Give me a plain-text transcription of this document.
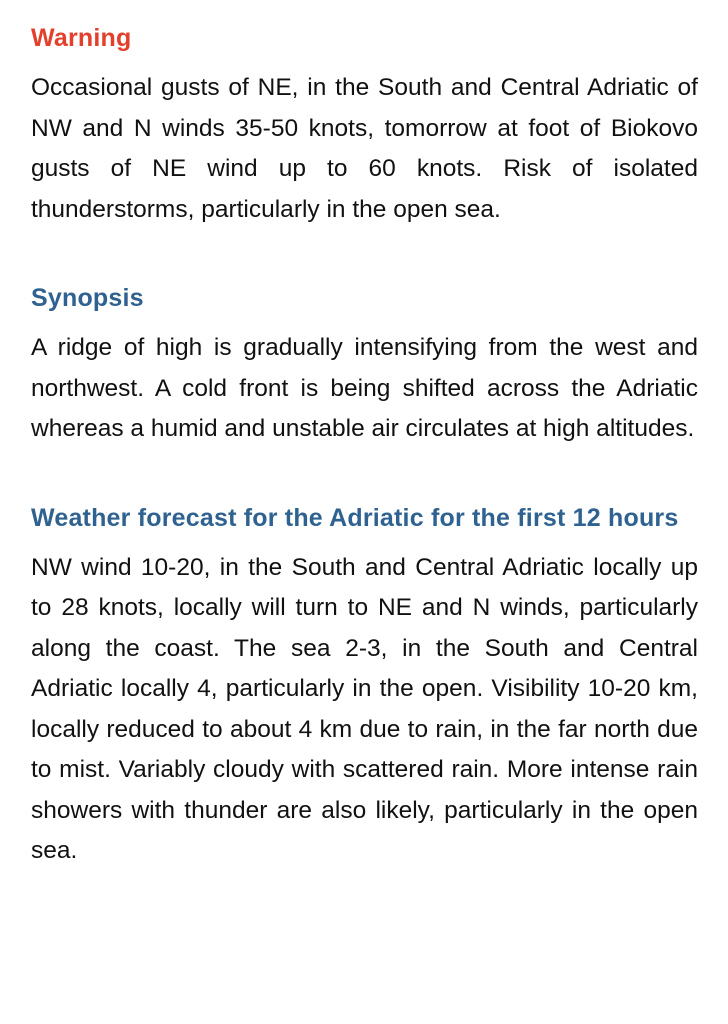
Warning

Occasional gusts of NE, in the South and Central Adriatic of NW and N winds 35-50 knots, tomorrow at foot of Biokovo gusts of NE wind up to 60 knots. Risk of isolated thunderstorms, particularly in the open sea.

Synopsis

A ridge of high is gradually intensifying from the west and northwest. A cold front is being shifted across the Adriatic whereas a humid and unstable air circulates at high altitudes.

Weather forecast for the Adriatic for the first 12 hours

NW wind 10-20, in the South and Central Adriatic locally up to 28 knots, locally will turn to NE and N winds, particularly along the coast. The sea 2-3, in the South and Central Adriatic locally 4, particularly in the open. Visibility 10-20 km, locally reduced to about 4 km due to rain, in the far north due to mist. Variably cloudy with scattered rain. More intense rain showers with thunder are also likely, particularly in the open sea.
